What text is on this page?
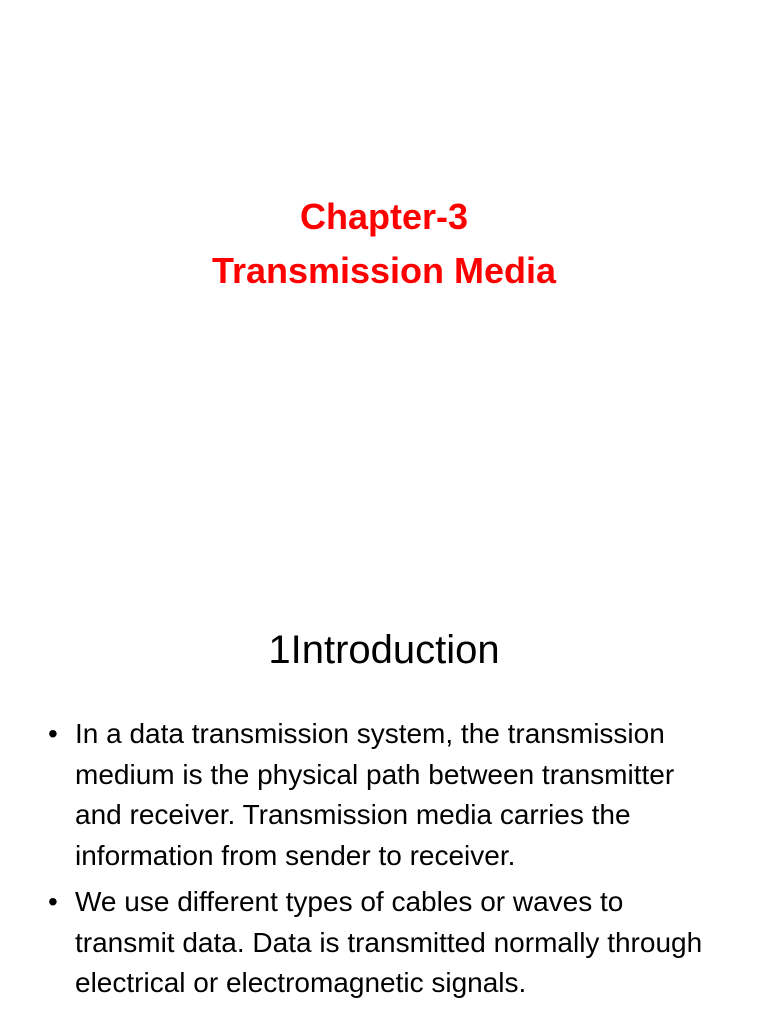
Chapter-3
Transmission Media
1Introduction
• In a data transmission system, the transmission medium is the physical path between transmitter and receiver. Transmission media carries the information from sender to receiver.
• We use different types of cables or waves to transmit data. Data is transmitted normally through electrical or electromagnetic signals.
